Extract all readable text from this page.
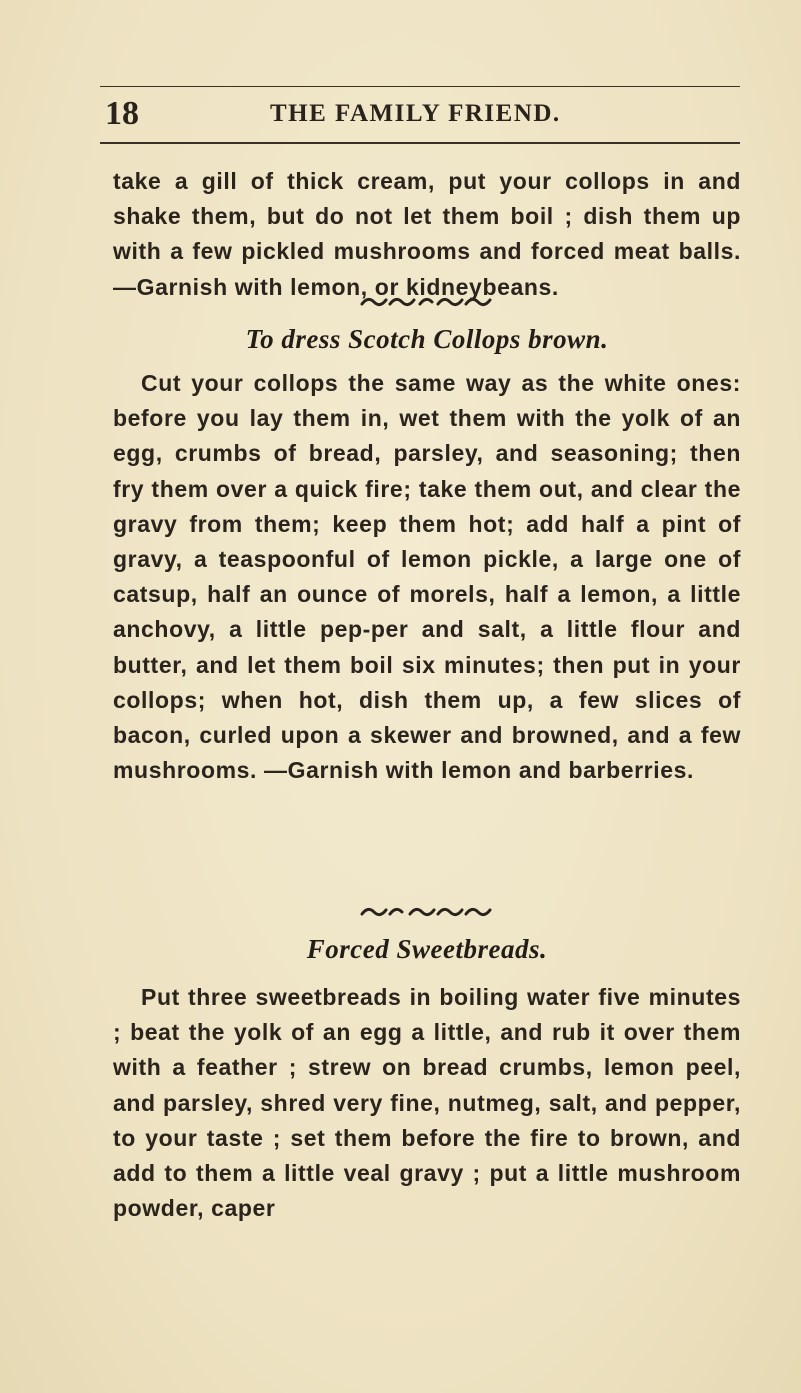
18	THE FAMILY FRIEND.

take a gill of thick cream, put your collops in and shake them, but do not let them boil ; dish them up with a few pickled mushrooms and forced meat balls.—Garnish with lemon, or kidneybeans.

To dress Scotch Collops brown.

Cut your collops the same way as the white ones: before you lay them in, wet them with the yolk of an egg, crumbs of bread, parsley, and seasoning; then fry them over a quick fire; take them out, and clear the gravy from them; keep them hot; add half a pint of gravy, a teaspoonful of lemon pickle, a large one of catsup, half an ounce of morels, half a lemon, a little anchovy, a little pep-per and salt, a little flour and butter, and let them boil six minutes; then put in your collops; when hot, dish them up, a few slices of bacon, curled upon a skewer and browned, and a few mushrooms. —Garnish with lemon and barberries.

Forced Sweetbreads.

Put three sweetbreads in boiling water five minutes ; beat the yolk of an egg a little, and rub it over them with a feather ; strew on bread crumbs, lemon peel, and parsley, shred very fine, nutmeg, salt, and pepper, to your taste ; set them before the fire to brown, and add to them a little veal gravy ; put a little mushroom powder, caper
